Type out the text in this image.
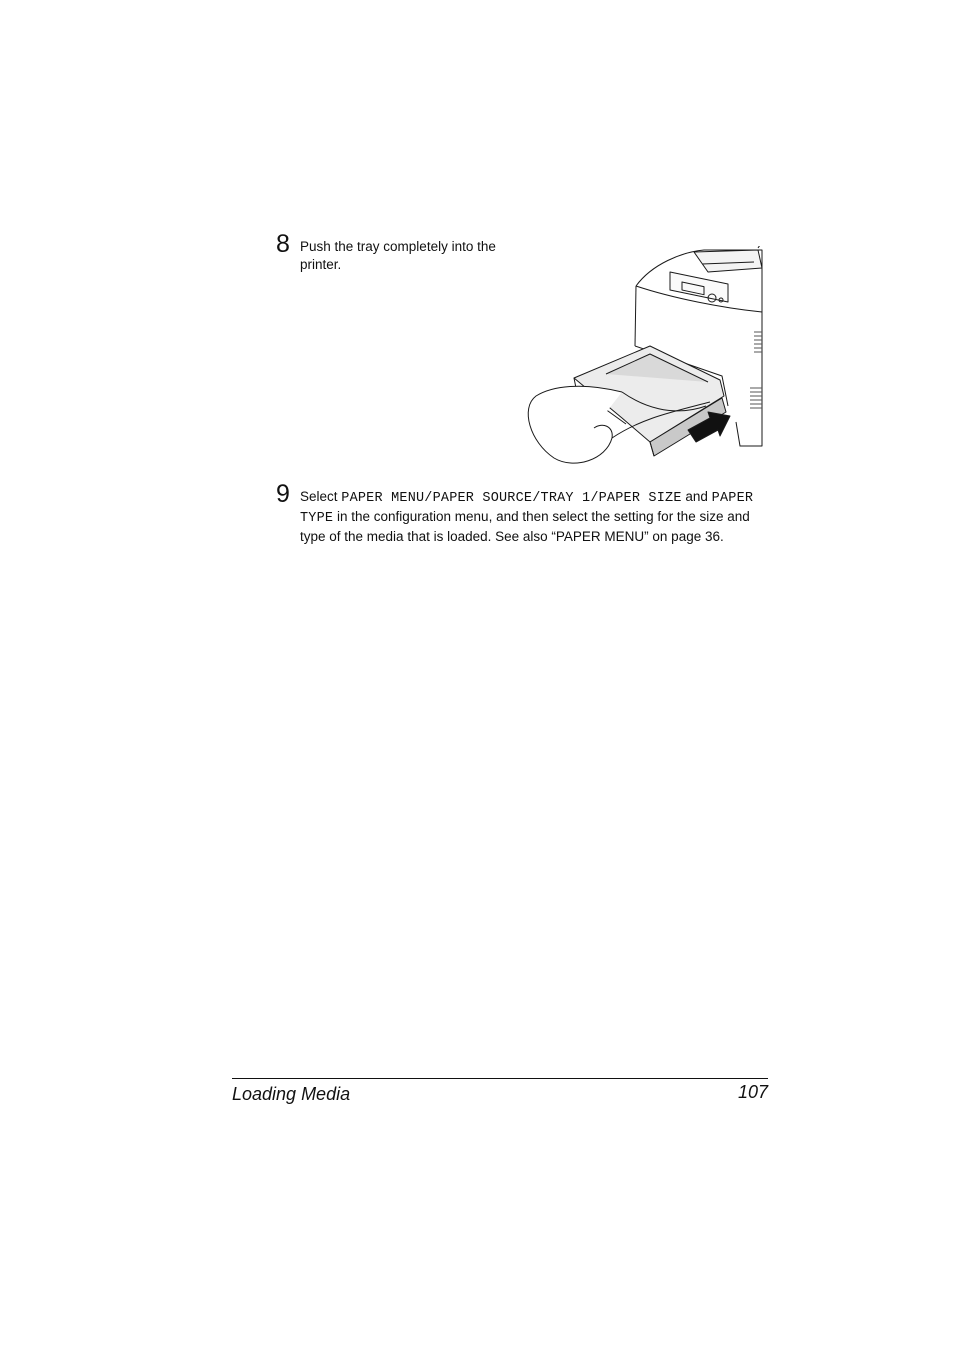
8 Push the tray completely into the printer.
9 Select PAPER MENU/PAPER SOURCE/TRAY 1/PAPER SIZE and PAPER TYPE in the configuration menu, and then select the setting for the size and type of the media that is loaded. See also “PAPER MENU” on page 36.
Loading Media	107
